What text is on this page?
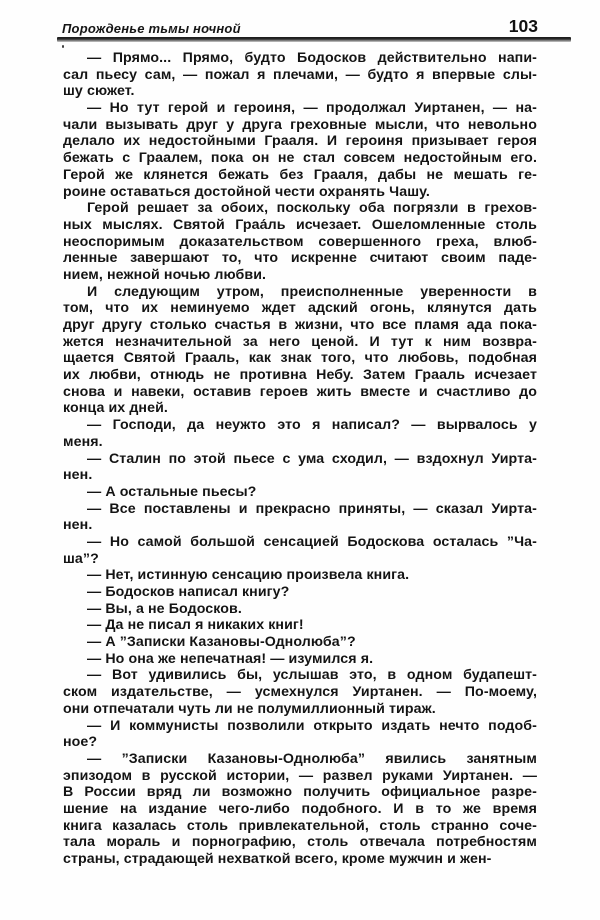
Порожденье тьмы ночной	103
— Прямо... Прямо, будто Бодосков действительно напи-
сал пьесу сам, — пожал я плечами, — будто я впервые слы-
шу сюжет.
— Но тут герой и героиня, — продолжал Уиртанен, — на-
чали вызывать друг у друга греховные мысли, что невольно
делало их недостойными Грааля. И героиня призывает героя
бежать с Граалем, пока он не стал совсем недостойным его.
Герой же клянется бежать без Грааля, дабы не мешать ге-
роине оставаться достойной чести охранять Чашу.
Герой решает за обоих, поскольку оба погрязли в грехов-
ных мыслях. Святой Граа́ль исчезает. Ошеломленные столь
неоспоримым доказательством совершенного греха, влюб-
ленные завершают то, что искренне считают своим паде-
нием, нежной ночью любви.
И следующим утром, преисполненные уверенности в
том, что их неминуемо ждет адский огонь, клянутся дать
друг другу столько счастья в жизни, что все пламя ада пока-
жется незначительной за него ценой. И тут к ним возвра-
щается Святой Грааль, как знак того, что любовь, подобная
их любви, отнюдь не противна Небу. Затем Грааль исчезает
снова и навеки, оставив героев жить вместе и счастливо до
конца их дней.
— Господи, да неужто это я написал? — вырвалось у
меня.
— Сталин по этой пьесе с ума сходил, — вздохнул Уирта-
нен.
— А остальные пьесы?
— Все поставлены и прекрасно приняты, — сказал Уирта-
нен.
— Но самой большой сенсацией Бодоскова осталась ”Ча-
ша”?
— Нет, истинную сенсацию произвела книга.
— Бодосков написал книгу?
— Вы, а не Бодосков.
— Да не писал я никаких книг!
— А ”Записки Казановы-Однолюба”?
— Но она же непечатная! — изумился я.
— Вот удивились бы, услышав это, в одном будапешт-
ском издательстве, — усмехнулся Уиртанен. — По-моему,
они отпечатали чуть ли не полумиллионный тираж.
— И коммунисты позволили открыто издать нечто подоб-
ное?
— ”Записки Казановы-Однолюба” явились занятным
эпизодом в русской истории, — развел руками Уиртанен. —
В России вряд ли возможно получить официальное разре-
шение на издание чего-либо подобного. И в то же время
книга казалась столь привлекательной, столь странно соче-
тала мораль и порнографию, столь отвечала потребностям
страны, страдающей нехваткой всего, кроме мужчин и жен-
